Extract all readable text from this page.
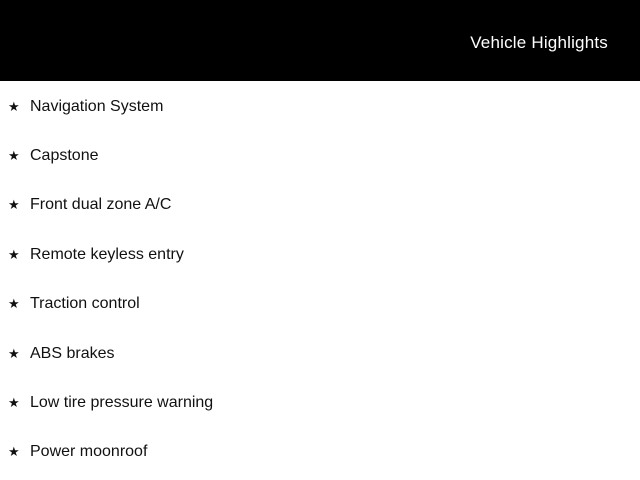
Vehicle Highlights
★ Navigation System
★ Capstone
★ Front dual zone A/C
★ Remote keyless entry
★ Traction control
★ ABS brakes
★ Low tire pressure warning
★ Power moonroof
